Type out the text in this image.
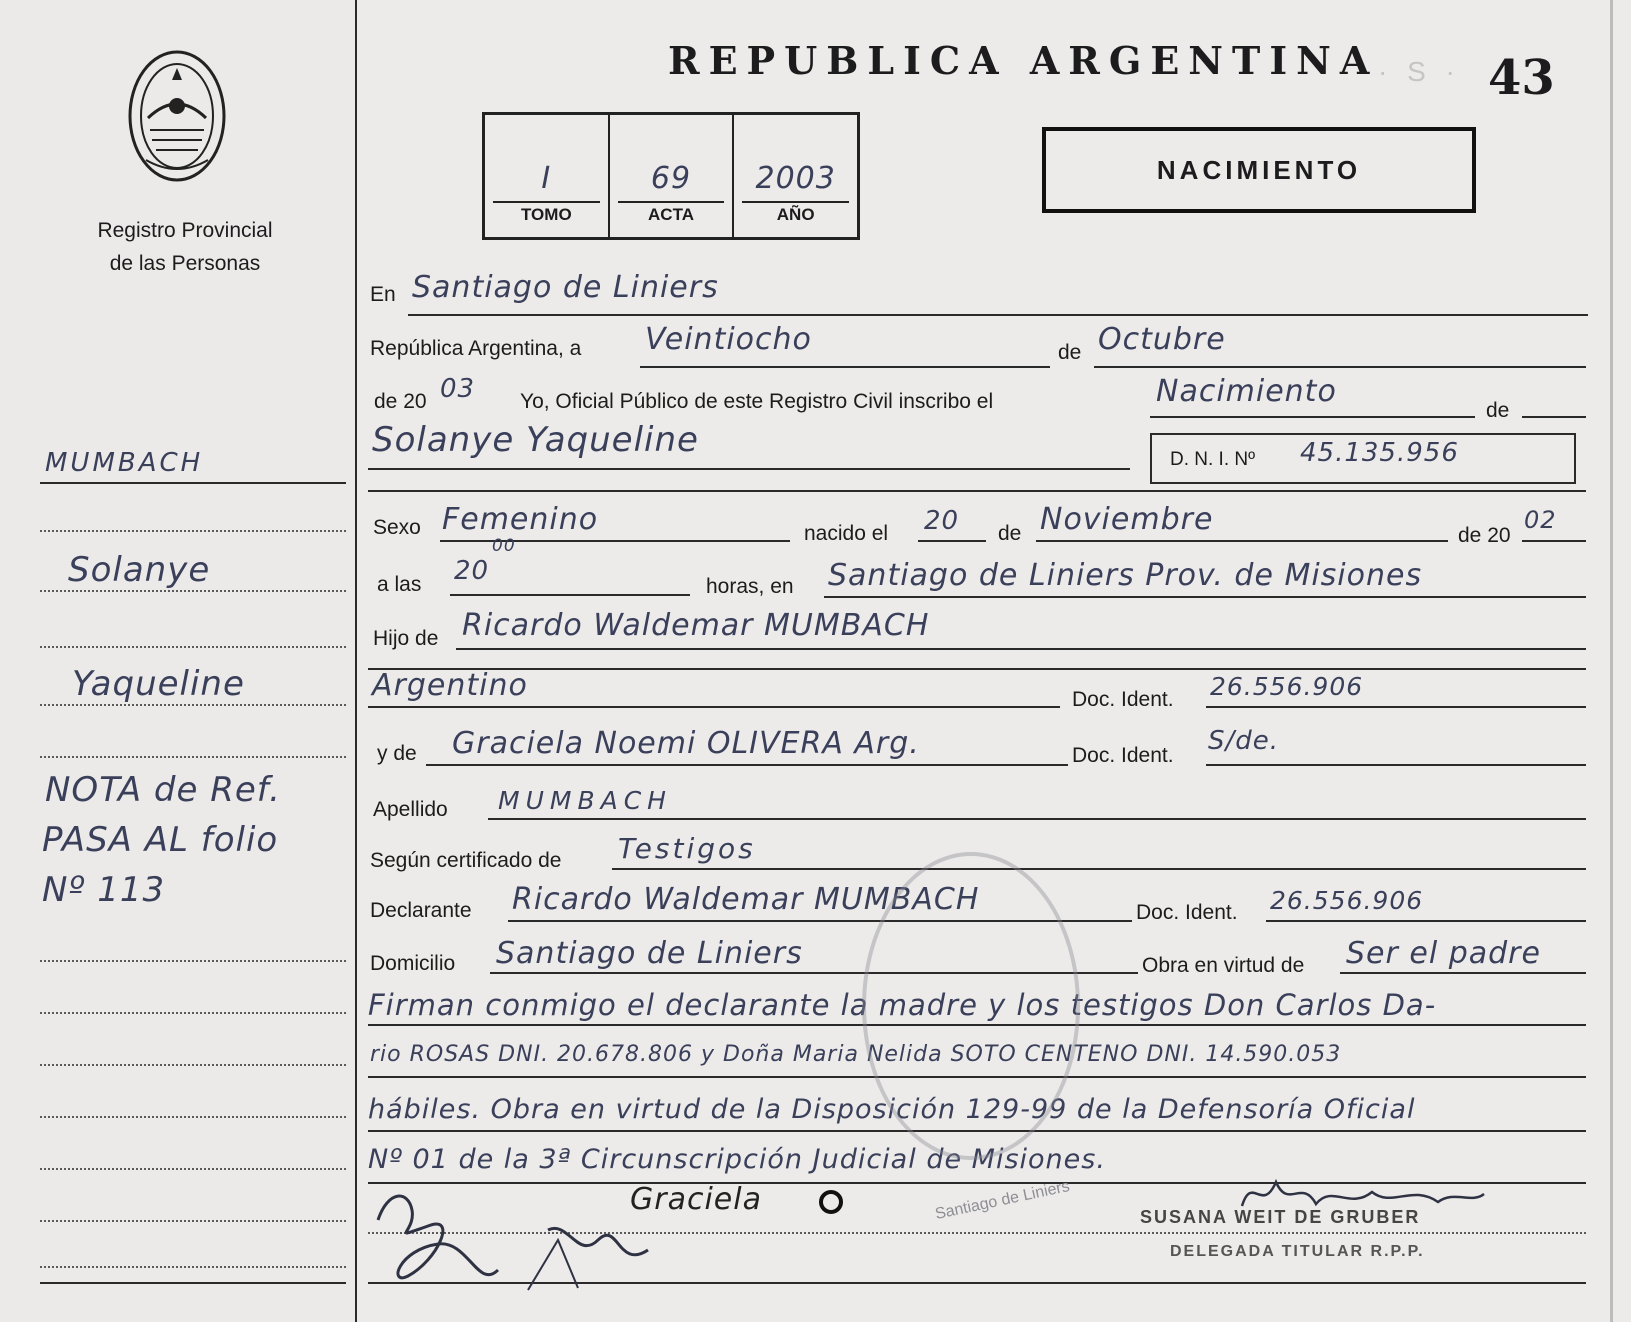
Registro Provincial
de las Personas
MUMBACH
Solanye
Yaqueline
NOTA de Ref.
PASA AL folio
Nº 113
REPUBLICA ARGENTINA · S · 43
I
TOMO
69
ACTA
2003
AÑO
NACIMIENTO
En Santiago de Liniers
República Argentina, a Veintiocho	de Octubre
de 20 03 Yo, Oficial Público de este Registro Civil inscribo el	Nacimiento
de
Solanye Yaqueline	D. N. I. Nº 45.135.956
Sexo Femenino	nacido el 20 de Noviembre	de 20
02
a las 20
00
horas, en Santiago de Liniers Prov. de Misiones
Hijo de Ricardo Waldemar MUMBACH
Argentino	Doc. Ident. 26.556.906
y de Graciela Noemi OLIVERA Arg.	Doc. Ident. S/de.
Apellido MUMBACH
Según certificado de Testigos
Declarante Ricardo Waldemar MUMBACH	Doc. Ident. 26.556.906
Domicilio Santiago de Liniers	Obra en virtud de Ser el padre
Firman conmigo el declarante la madre y los testigos Don Carlos Da-
rio ROSAS DNI. 20.678.806 y Doña Maria Nelida SOTO CENTENO DNI. 14.590.053
hábiles. Obra en virtud de la Disposición 129-99 de la Defensoría Oficial
Nº 01 de la 3ª Circunscripción Judicial de Misiones.
Graciela	Santiago de Liniers	SUSANA WEIT DE GRUBER
DELEGADA TITULAR R.P.P.
